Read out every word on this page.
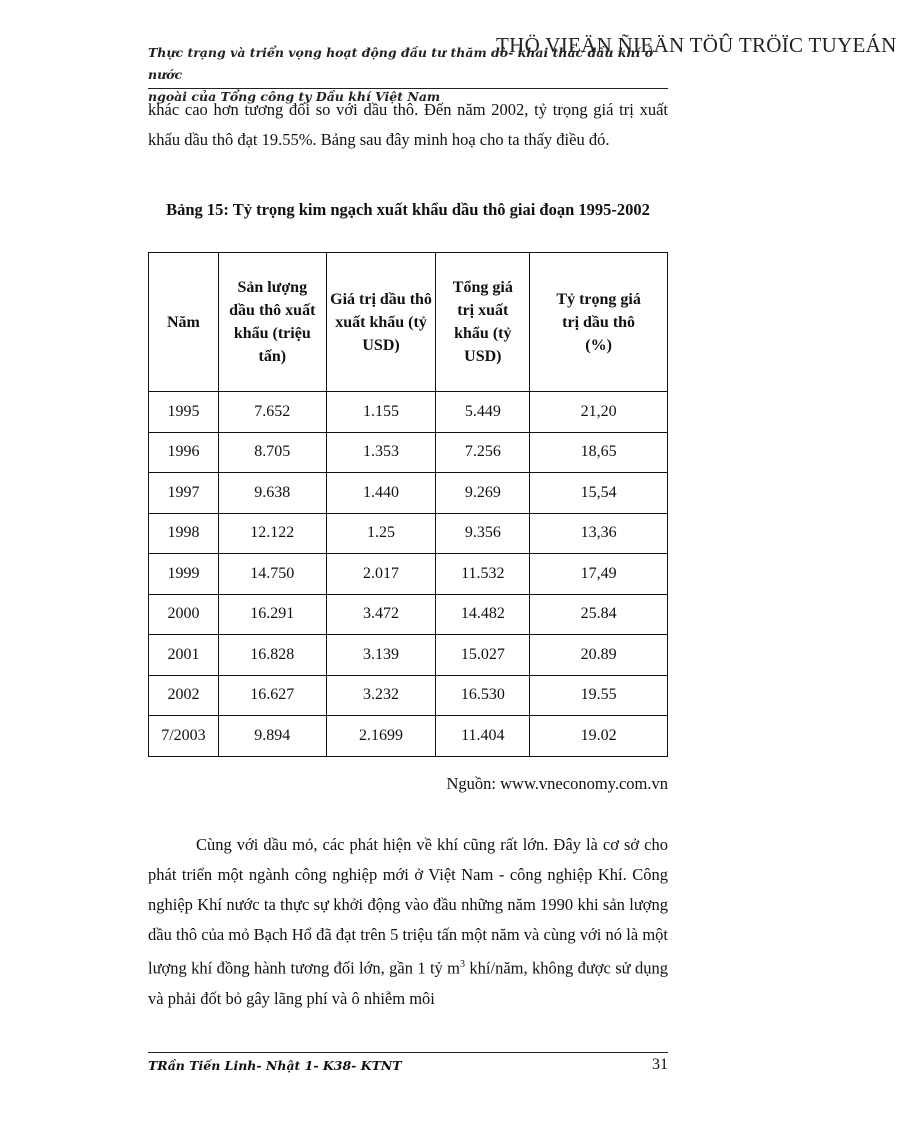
THÖ VIEÄN ÑIEÄN TÖÛ TRÖÏC TUYEÁN
Thực trạng và triển vọng hoạt động đầu tư thăm dò- khai thác dầu khí ở nước
ngoài của Tổng công ty Dầu khí Việt Nam
khác cao hơn tương đối so với dầu thô. Đến năm 2002, tỷ trọng giá trị xuất khẩu dầu thô đạt 19.55%. Bảng sau đây minh hoạ cho ta thấy điều đó.
Bảng 15: Tỷ trọng kim ngạch xuất khẩu dầu thô giai đoạn 1995-2002
Năm	Sản lượng dầu thô xuất khẩu (triệu tấn)	Giá trị dầu thô xuất khẩu (tỷ USD)	Tổng giá trị xuất khẩu (tỷ USD)	Tỷ trọng giá trị dầu thô (%)
1995	7.652	1.155	5.449	21,20
1996	8.705	1.353	7.256	18,65
1997	9.638	1.440	9.269	15,54
1998	12.122	1.25	9.356	13,36
1999	14.750	2.017	11.532	17,49
2000	16.291	3.472	14.482	25.84
2001	16.828	3.139	15.027	20.89
2002	16.627	3.232	16.530	19.55
7/2003	9.894	2.1699	11.404	19.02
Nguồn: www.vneconomy.com.vn
Cùng với dầu mỏ, các phát hiện về khí cũng rất lớn. Đây là cơ sở cho phát triển một ngành công nghiệp mới ở Việt Nam - công nghiệp Khí. Công nghiệp Khí nước ta thực sự khởi động vào đầu những năm 1990 khi sản lượng dầu thô của mỏ Bạch Hổ đã đạt trên 5 triệu tấn một năm và cùng với nó là một lượng khí đồng hành tương đối lớn, gần 1 tỷ $m^3$ khí/năm, không được sử dụng và phải đốt bỏ gây lãng phí và ô nhiễm môi
TRần Tiến Linh- Nhật 1- K38- KTNT	31
